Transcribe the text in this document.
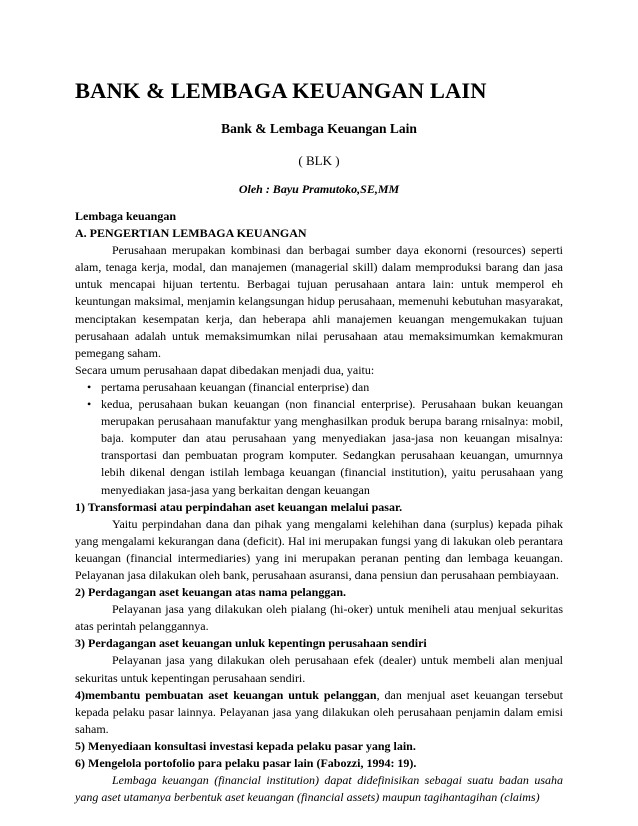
BANK & LEMBAGA KEUANGAN LAIN
Bank & Lembaga Keuangan Lain
( BLK )
Oleh : Bayu Pramutoko,SE,MM

Lembaga keuangan

A. PENGERTIAN LEMBAGA KEUANGAN

Perusahaan merupakan kombinasi dan berbagai sumber daya ekonorni (resources) seperti alam, tenaga kerja, modal, dan manajemen (managerial skill) dalam memproduksi barang dan jasa untuk mencapai hijuan tertentu. Berbagai tujuan perusahaan antara lain: untuk memperol eh keuntungan maksimal, menjamin kelangsungan hidup perusahaan, memenuhi kebutuhan masyarakat, menciptakan kesempatan kerja, dan heberapa ahli manajemen keuangan mengemukakan tujuan perusahaan adalah untuk memaksimumkan nilai perusahaan atau memaksimumkan kemakmuran pemegang saham.

Secara umum perusahaan dapat dibedakan menjadi dua, yaitu:

• pertama perusahaan keuangan (financial enterprise) dan
• kedua, perusahaan bukan keuangan (non financial enterprise). Perusahaan bukan keuangan merupakan perusahaan manufaktur yang menghasilkan produk berupa barang rnisalnya: mobil, baja. komputer dan atau perusahaan yang menyediakan jasa-jasa non keuangan misalnya: transportasi dan pembuatan program komputer. Sedangkan perusahaan keuangan, umurnnya lebih dikenal dengan istilah lembaga keuangan (financial institution), yaitu perusahaan yang menyediakan jasa-jasa yang berkaitan dengan keuangan

1) Transformasi atau perpindahan aset keuangan melalui pasar.

Yaitu perpindahan dana dan pihak yang mengalami kelehihan dana (surplus) kepada pihak yang mengalami kekurangan dana (deficit). Hal ini merupakan fungsi yang di lakukan oleb perantara keuangan (financial intermediaries) yang ini merupakan peranan penting dan lembaga keuangan. Pelayanan jasa dilakukan oleh bank, perusahaan asuransi, dana pensiun dan perusahaan pembiayaan.

2) Perdagangan aset keuangan atas nama pelanggan.

Pelayanan jasa yang dilakukan oleh pialang (hi-oker) untuk meniheli atau menjual sekuritas atas perintah pelanggannya.

3) Perdagangan aset keuangan unluk kepentingn perusahaan sendiri

Pelayanan jasa yang dilakukan oleh perusahaan efek (dealer) untuk membeli alan menjual sekuritas untuk kepentingan perusahaan sendiri.

4)membantu pembuatan aset keuangan untuk pelanggan, dan menjual aset keuangan tersebut kepada pelaku pasar lainnya. Pelayanan jasa yang dilakukan oleh perusahaan penjamin dalam emisi saham.

5) Menyediaan konsultasi investasi kepada pelaku pasar yang lain.

6) Mengelola portofolio para pelaku pasar lain (Fabozzi, 1994: 19).

Lembaga keuangan (financial institution) dapat didefinisikan sebagai suatu badan usaha yang aset utamanya berbentuk aset keuangan (financial assets) maupun tagihantagihan (claims)
